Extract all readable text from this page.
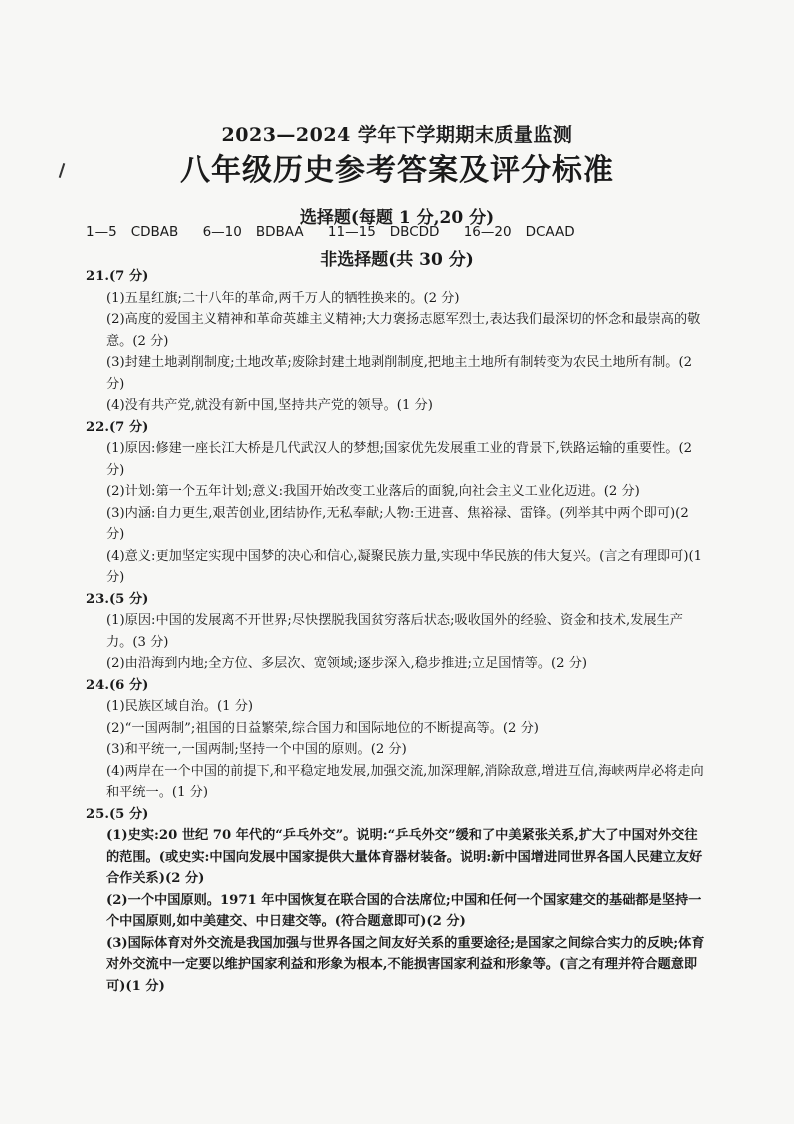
2023—2024 学年下学期期末质量监测
八年级历史参考答案及评分标准
选择题(每题 1 分,20 分)
1—5 CDBAB 6—10 BDBAA 11—15 DBCDD 16—20 DCAAD
非选择题(共 30 分)
21.(7 分)
(1)五星红旗;二十八年的革命,两千万人的牺牲换来的。(2 分)
(2)高度的爱国主义精神和革命英雄主义精神;大力褒扬志愿军烈士,表达我们最深切的怀念和最崇高的敬意。(2 分)
(3)封建土地剥削制度;土地改革;废除封建土地剥削制度,把地主土地所有制转变为农民土地所有制。(2 分)
(4)没有共产党,就没有新中国,坚持共产党的领导。(1 分)
22.(7 分)
(1)原因:修建一座长江大桥是几代武汉人的梦想;国家优先发展重工业的背景下,铁路运输的重要性。(2 分)
(2)计划:第一个五年计划;意义:我国开始改变工业落后的面貌,向社会主义工业化迈进。(2 分)
(3)内涵:自力更生,艰苦创业,团结协作,无私奉献;人物:王进喜、焦裕禄、雷锋。(列举其中两个即可)(2 分)
(4)意义:更加坚定实现中国梦的决心和信心,凝聚民族力量,实现中华民族的伟大复兴。(言之有理即可)(1 分)
23.(5 分)
(1)原因:中国的发展离不开世界;尽快摆脱我国贫穷落后状态;吸收国外的经验、资金和技术,发展生产力。(3 分)
(2)由沿海到内地;全方位、多层次、宽领域;逐步深入,稳步推进;立足国情等。(2 分)
24.(6 分)
(1)民族区域自治。(1 分)
(2)“一国两制”;祖国的日益繁荣,综合国力和国际地位的不断提高等。(2 分)
(3)和平统一,一国两制;坚持一个中国的原则。(2 分)
(4)两岸在一个中国的前提下,和平稳定地发展,加强交流,加深理解,消除敌意,增进互信,海峡两岸必将走向和平统一。(1 分)
25.(5 分)
(1)史实:20 世纪 70 年代的“乒乓外交”。说明:“乒乓外交”缓和了中美紧张关系,扩大了中国对外交往的范围。(或史实:中国向发展中国家提供大量体育器材装备。说明:新中国增进同世界各国人民建立友好合作关系)(2 分)
(2)一个中国原则。1971 年中国恢复在联合国的合法席位;中国和任何一个国家建交的基础都是坚持一个中国原则,如中美建交、中日建交等。(符合题意即可)(2 分)
(3)国际体育对外交流是我国加强与世界各国之间友好关系的重要途径;是国家之间综合实力的反映;体育对外交流中一定要以维护国家利益和形象为根本,不能损害国家利益和形象等。(言之有理并符合题意即可)(1 分)
